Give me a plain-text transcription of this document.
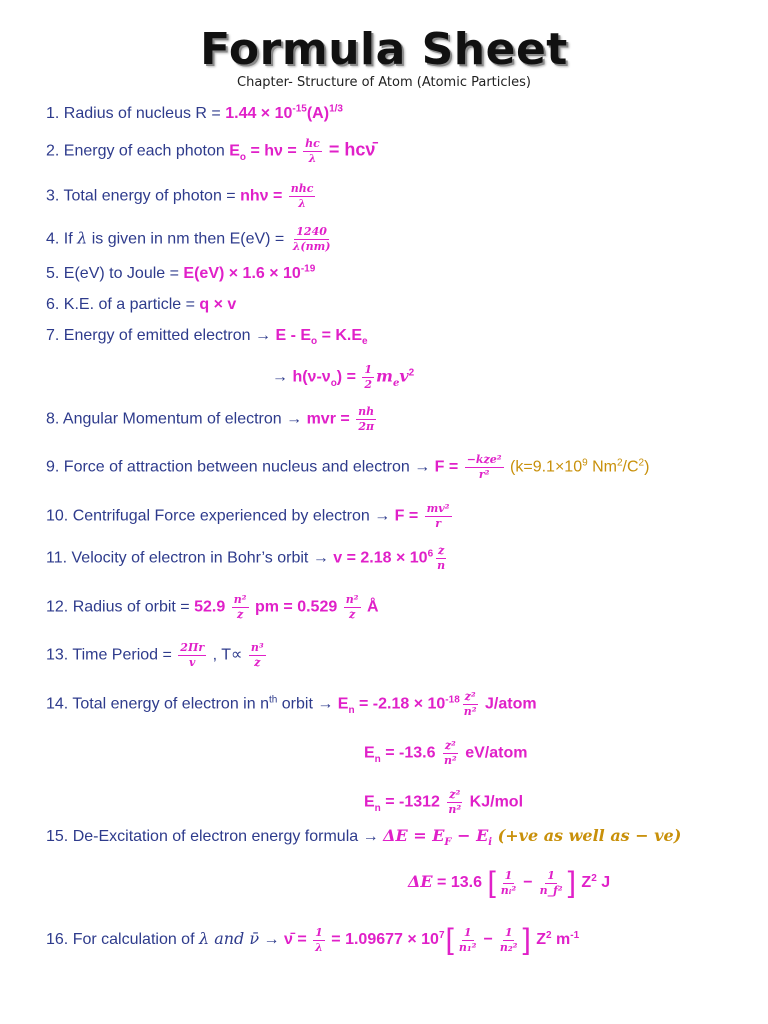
Formula Sheet
Chapter- Structure of Atom (Atomic Particles)
1. Radius of nucleus $R = 1.44 \times 10^{-15}(A)^{1/3}$
2. Energy of each photon $E_o = h\nu = \frac{hc}{\lambda}$ = hcν̄
3. Total energy of photon = $nh\nu = \frac{\text{nhc}}{\lambda}$
4. If λ is given in nm then $E(eV) = \frac{1240}{\lambda(nm)}$
5. E(eV) to Joule = $E(eV) \times 1.6 \times 10^{-19}$
6. K.E. of a particle = q × v
7. Energy of emitted electron → $E - E_o = K.E_e$
→ $h(\nu-\nu_o) = \frac{1}{2} m_ev^2$
8. Angular Momentum of electron → mvr = $\frac{nh}{2\pi}$
9. Force of attraction between nucleus and electron → $F = \frac{\text{−kze²}}{\text{r²}} (k=9.1\times 10^9$ $Nm^2/C^2$)
10. Centrifugal Force experienced by electron → $F = \frac{\text{mv²}}{r}$
11. Velocity of electron in Bohr’s orbit → $v = 2.18 \times 10^6 \frac{z}{n}$
12. Radius of orbit = $52.9 \frac{\text{n²}}{z}$ pm = $0.529 \frac{\text{n²}}{z}$ Å
13. Time Period = $\frac{2\Pi r}{v}$ , $T\propto \frac{\text{n³}}{z}$
14. Total energy of electron in $n^{th}$ orbit → $E_n = -2.18 \times 10^{-18} \frac{\text{z²}}{\text{n²}}$ J/atom
$E_n = -13.6 \frac{\text{z²}}{\text{n²}}$ eV/atom
$E_n = -1312 \frac{\text{z²}}{\text{n²}} KJ/mol$
15. De-Excitation of electron energy formula → $\Delta E = E_F - E_i$ (+ve as well as − ve)
ΔE = 13.6 [ $\frac{1}{\text{nᵢ²}} - \frac{1}{\text{n\_f²}}$ ] $Z^2$ J
16. For calculation of λ and ν̄ → ν̄ = $\frac{1}{\lambda} = 1.09677 \times 10^7$ [ $\frac{1}{\text{n₁²}} - \frac{1}{\text{n₂²}}$ ] $Z^2$ $m^{-1}$
